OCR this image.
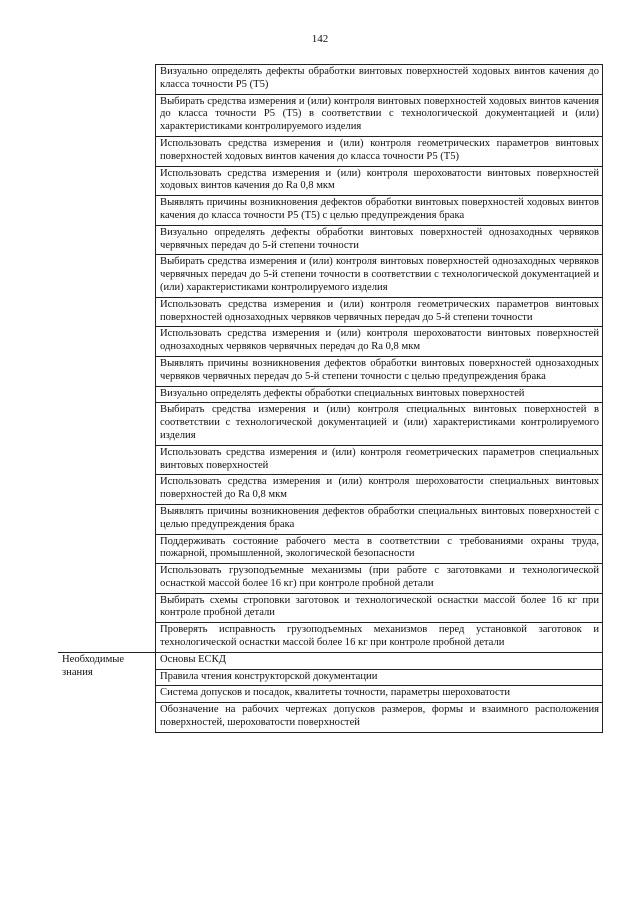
142
	Визуально определять дефекты обработки винтовых поверхностей ходовых винтов качения до класса точности Р5 (Т5)
	Выбирать средства измерения и (или) контроля винтовых поверхностей ходовых винтов качения до класса точности Р5 (Т5) в соответствии с технологической документацией и (или) характеристиками контролируемого изделия
	Использовать средства измерения и (или) контроля геометрических параметров винтовых поверхностей ходовых винтов качения до класса точности Р5 (Т5)
	Использовать средства измерения и (или) контроля шероховатости винтовых поверхностей ходовых винтов качения до Ra 0,8 мкм
	Выявлять причины возникновения дефектов обработки винтовых поверхностей ходовых винтов качения до класса точности Р5 (Т5) с целью предупреждения брака
	Визуально определять дефекты обработки винтовых поверхностей однозаходных червяков червячных передач до 5-й степени точности
	Выбирать средства измерения и (или) контроля винтовых поверхностей однозаходных червяков червячных передач до 5-й степени точности в соответствии с технологической документацией и (или) характеристиками контролируемого изделия
	Использовать средства измерения и (или) контроля геометрических параметров винтовых поверхностей однозаходных червяков червячных передач до 5-й степени точности
	Использовать средства измерения и (или) контроля шероховатости винтовых поверхностей однозаходных червяков червячных передач до Ra 0,8 мкм
	Выявлять причины возникновения дефектов обработки винтовых поверхностей однозаходных червяков червячных передач до 5-й степени точности с целью предупреждения брака
	Визуально определять дефекты обработки специальных винтовых поверхностей
	Выбирать средства измерения и (или) контроля специальных винтовых поверхностей в соответствии с технологической документацией и (или) характеристиками контролируемого изделия
	Использовать средства измерения и (или) контроля геометрических параметров специальных винтовых поверхностей
	Использовать средства измерения и (или) контроля шероховатости специальных винтовых поверхностей до Ra 0,8 мкм
	Выявлять причины возникновения дефектов обработки специальных винтовых поверхностей с целью предупреждения брака
	Поддерживать состояние рабочего места в соответствии с требованиями охраны труда, пожарной, промышленной, экологической безопасности
	Использовать грузоподъемные механизмы (при работе с заготовками и технологической оснасткой массой более 16 кг) при контроле пробной детали
	Выбирать схемы строповки заготовок и технологической оснастки массой более 16 кг при контроле пробной детали
	Проверять исправность грузоподъемных механизмов перед установкой заготовок и технологической оснастки массой более 16 кг при контроле пробной детали
Необходимые знания	Основы ЕСКД
	Правила чтения конструкторской документации
	Система допусков и посадок, квалитеты точности, параметры шероховатости
	Обозначение на рабочих чертежах допусков размеров, формы и взаимного расположения поверхностей, шероховатости поверхностей
